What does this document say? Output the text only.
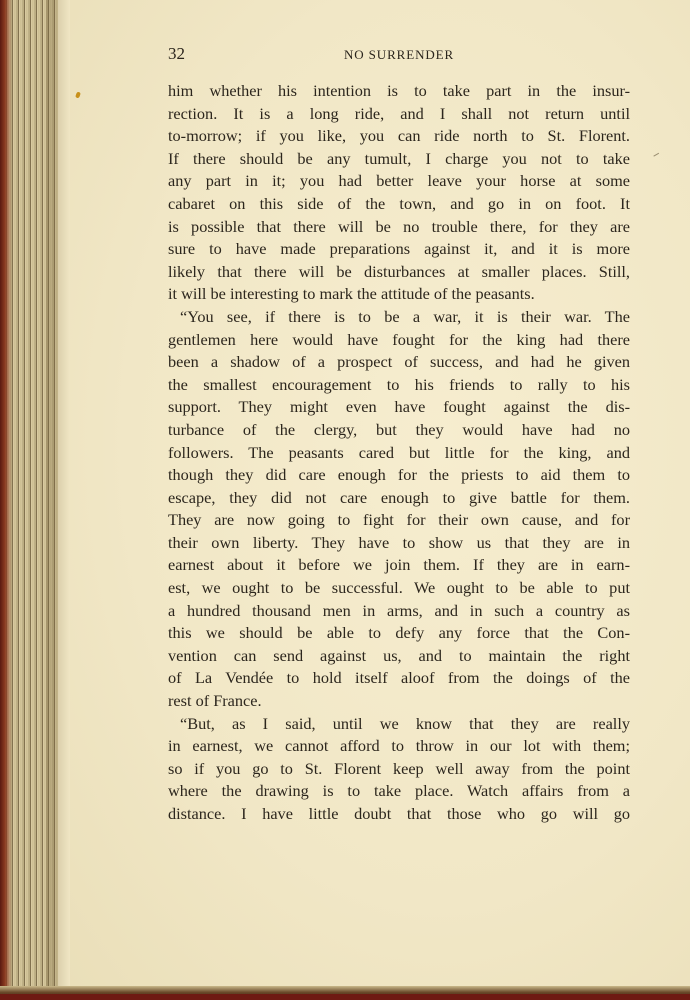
32	NO SURRENDER
him whether his intention is to take part in the insur-
rection. It is a long ride, and I shall not return until
to-morrow; if you like, you can ride north to St. Florent.
If there should be any tumult, I charge you not to take
any part in it; you had better leave your horse at some
cabaret on this side of the town, and go in on foot. It
is possible that there will be no trouble there, for they are
sure to have made preparations against it, and it is more
likely that there will be disturbances at smaller places. Still,
it will be interesting to mark the attitude of the peasants.
“You see, if there is to be a war, it is their war. The
gentlemen here would have fought for the king had there
been a shadow of a prospect of success, and had he given
the smallest encouragement to his friends to rally to his
support. They might even have fought against the dis-
turbance of the clergy, but they would have had no
followers. The peasants cared but little for the king, and
though they did care enough for the priests to aid them to
escape, they did not care enough to give battle for them.
They are now going to fight for their own cause, and for
their own liberty. They have to show us that they are in
earnest about it before we join them. If they are in earn-
est, we ought to be successful. We ought to be able to put
a hundred thousand men in arms, and in such a country as
this we should be able to defy any force that the Con-
vention can send against us, and to maintain the right
of La Vendée to hold itself aloof from the doings of the
rest of France.
“But, as I said, until we know that they are really
in earnest, we cannot afford to throw in our lot with them;
so if you go to St. Florent keep well away from the point
where the drawing is to take place. Watch affairs from a
distance. I have little doubt that those who go will go
